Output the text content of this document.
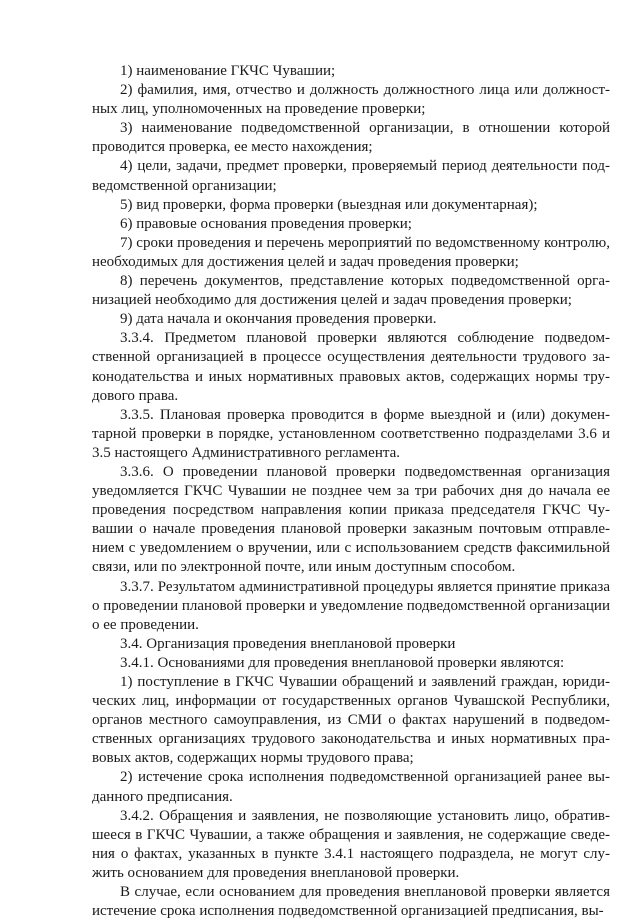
1) наименование ГКЧС Чувашии;

2) фамилия, имя, отчество и должность должностного лица или должностных лиц, уполномоченных на проведение проверки;

3) наименование подведомственной организации, в отношении которой проводится проверка, ее место нахождения;

4) цели, задачи, предмет проверки, проверяемый период деятельности подведомственной организации;

5) вид проверки, форма проверки (выездная или документарная);

6) правовые основания проведения проверки;

7) сроки проведения и перечень мероприятий по ведомственному контролю, необходимых для достижения целей и задач проведения проверки;

8) перечень документов, представление которых подведомственной организацией необходимо для достижения целей и задач проведения проверки;

9) дата начала и окончания проведения проверки.

3.3.4. Предметом плановой проверки являются соблюдение подведомственной организацией в процессе осуществления деятельности трудового законодательства и иных нормативных правовых актов, содержащих нормы трудового права.

3.3.5. Плановая проверка проводится в форме выездной и (или) документарной проверки в порядке, установленном соответственно подразделами 3.6 и 3.5 настоящего Административного регламента.

3.3.6. О проведении плановой проверки подведомственная организация уведомляется ГКЧС Чувашии не позднее чем за три рабочих дня до начала ее проведения посредством направления копии приказа председателя ГКЧС Чувашии о начале проведения плановой проверки заказным почтовым отправлением с уведомлением о вручении, или с использованием средств факсимильной связи, или по электронной почте, или иным доступным способом.

3.3.7. Результатом административной процедуры является принятие приказа о проведении плановой проверки и уведомление подведомственной организации о ее проведении.

3.4. Организация проведения внеплановой проверки

3.4.1. Основаниями для проведения внеплановой проверки являются:

1) поступление в ГКЧС Чувашии обращений и заявлений граждан, юридических лиц, информации от государственных органов Чувашской Республики, органов местного самоуправления, из СМИ о фактах нарушений в подведомственных организациях трудового законодательства и иных нормативных правовых актов, содержащих нормы трудового права;

2) истечение срока исполнения подведомственной организацией ранее выданного предписания.

3.4.2. Обращения и заявления, не позволяющие установить лицо, обратившееся в ГКЧС Чувашии, а также обращения и заявления, не содержащие сведения о фактах, указанных в пункте 3.4.1 настоящего подраздела, не могут служить основанием для проведения внеплановой проверки.

В случае, если основанием для проведения внеплановой проверки является истечение срока исполнения подведомственной организацией предписания, вы-
